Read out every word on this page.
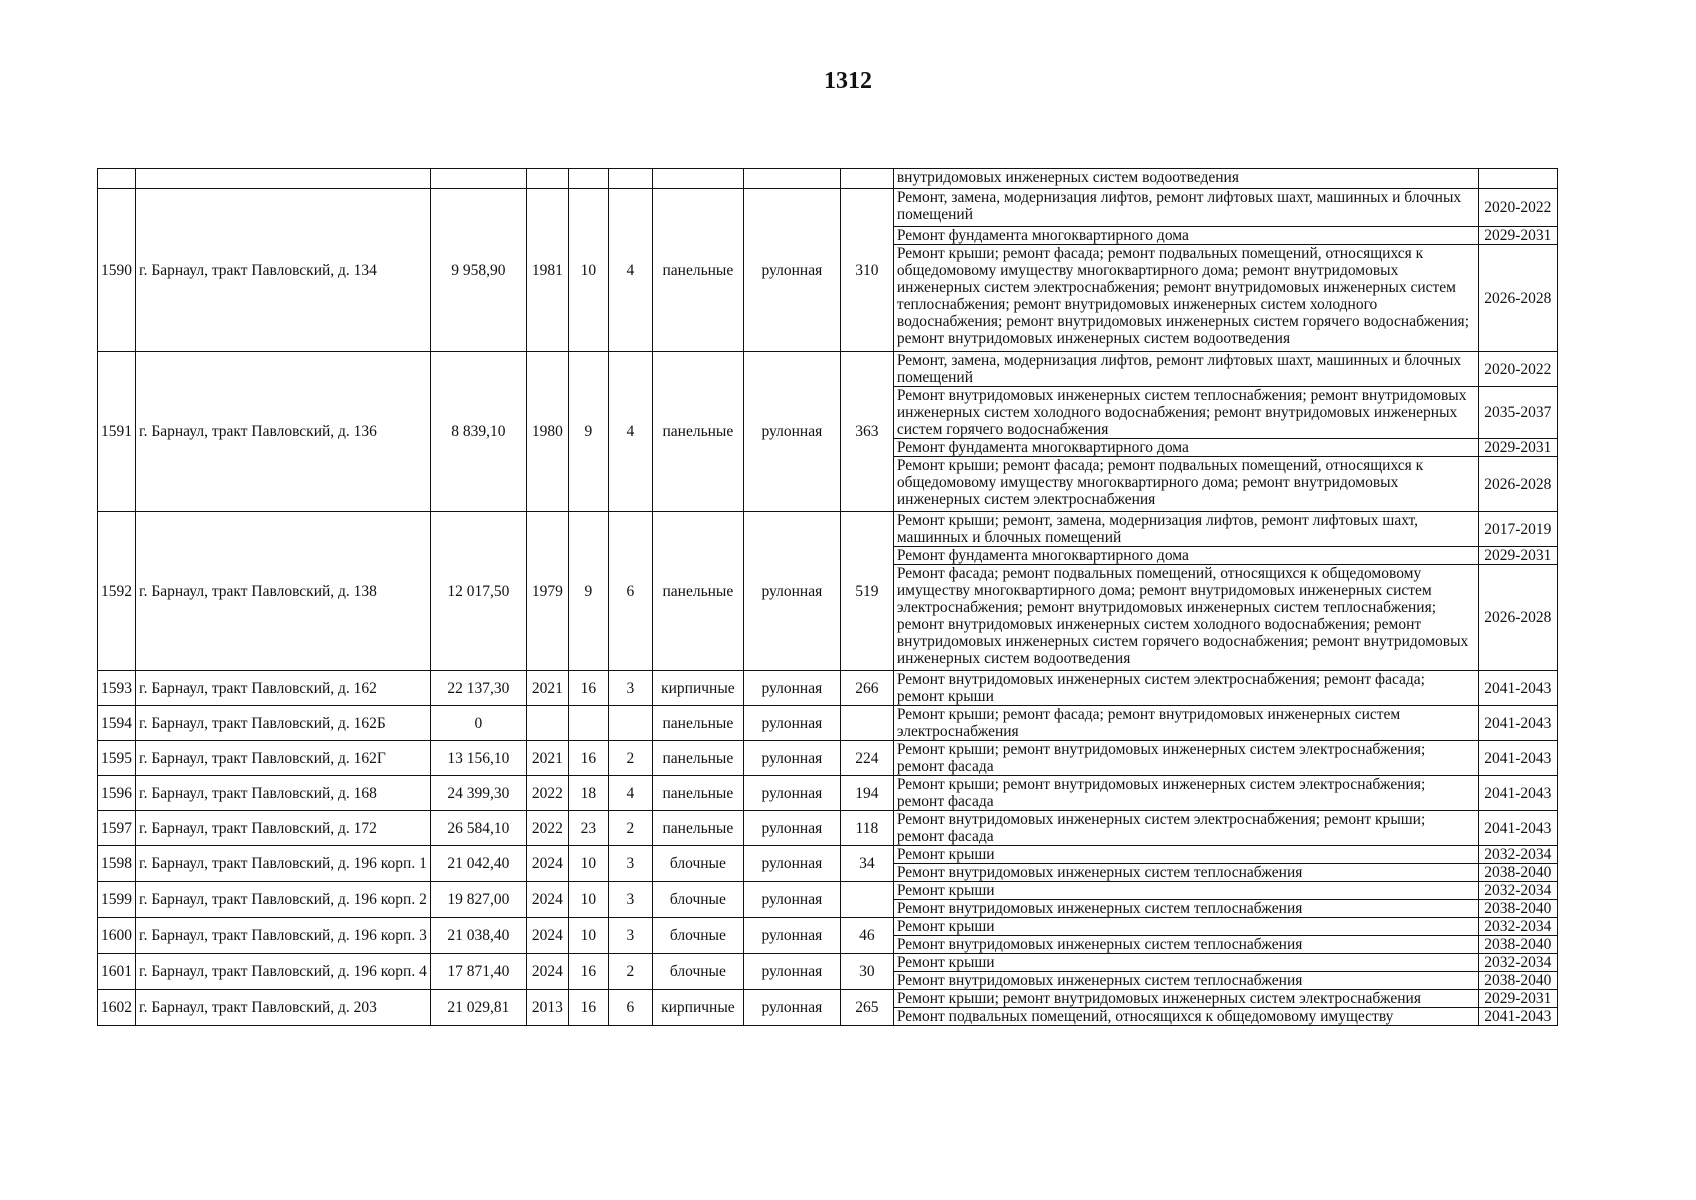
1312
									внутридомовых инженерных систем водоотведения	
1590	г. Барнаул, тракт Павловский, д. 134	9 958,90	1981	10	4	панельные	рулонная	310	Ремонт, замена, модернизация лифтов, ремонт лифтовых шахт, машинных и блочных помещений	2020-2022
									Ремонт фундамента многоквартирного дома	2029-2031
									Ремонт крыши; ремонт фасада; ремонт подвальных помещений, относящихся к общедомовому имуществу многоквартирного дома; ремонт внутридомовых инженерных систем электроснабжения; ремонт внутридомовых инженерных систем теплоснабжения; ремонт внутридомовых инженерных систем холодного водоснабжения; ремонт внутридомовых инженерных систем горячего водоснабжения; ремонт внутридомовых инженерных систем водоотведения	2026-2028
1591	г. Барнаул, тракт Павловский, д. 136	8 839,10	1980	9	4	панельные	рулонная	363	Ремонт, замена, модернизация лифтов, ремонт лифтовых шахт, машинных и блочных помещений	2020-2022
									Ремонт внутридомовых инженерных систем теплоснабжения; ремонт внутридомовых инженерных систем холодного водоснабжения; ремонт внутридомовых инженерных систем горячего водоснабжения	2035-2037
									Ремонт фундамента многоквартирного дома	2029-2031
									Ремонт крыши; ремонт фасада; ремонт подвальных помещений, относящихся к общедомовому имуществу многоквартирного дома; ремонт внутридомовых инженерных систем электроснабжения	2026-2028
1592	г. Барнаул, тракт Павловский, д. 138	12 017,50	1979	9	6	панельные	рулонная	519	Ремонт крыши; ремонт, замена, модернизация лифтов, ремонт лифтовых шахт, машинных и блочных помещений	2017-2019
									Ремонт фундамента многоквартирного дома	2029-2031
									Ремонт фасада; ремонт подвальных помещений, относящихся к общедомовому имуществу многоквартирного дома; ремонт внутридомовых инженерных систем электроснабжения; ремонт внутридомовых инженерных систем теплоснабжения; ремонт внутридомовых инженерных систем холодного водоснабжения; ремонт внутридомовых инженерных систем горячего водоснабжения; ремонт внутридомовых инженерных систем водоотведения	2026-2028
1593	г. Барнаул, тракт Павловский, д. 162	22 137,30	2021	16	3	кирпичные	рулонная	266	Ремонт внутридомовых инженерных систем электроснабжения; ремонт фасада; ремонт крыши	2041-2043
1594	г. Барнаул, тракт Павловский, д. 162Б	0				панельные	рулонная		Ремонт крыши; ремонт фасада; ремонт внутридомовых инженерных систем электроснабжения	2041-2043
1595	г. Барнаул, тракт Павловский, д. 162Г	13 156,10	2021	16	2	панельные	рулонная	224	Ремонт крыши; ремонт внутридомовых инженерных систем электроснабжения; ремонт фасада	2041-2043
1596	г. Барнаул, тракт Павловский, д. 168	24 399,30	2022	18	4	панельные	рулонная	194	Ремонт крыши; ремонт внутридомовых инженерных систем электроснабжения; ремонт фасада	2041-2043
1597	г. Барнаул, тракт Павловский, д. 172	26 584,10	2022	23	2	панельные	рулонная	118	Ремонт внутридомовых инженерных систем электроснабжения; ремонт крыши; ремонт фасада	2041-2043
1598	г. Барнаул, тракт Павловский, д. 196 корп. 1	21 042,40	2024	10	3	блочные	рулонная	34	Ремонт крыши	2032-2034
									Ремонт внутридомовых инженерных систем теплоснабжения	2038-2040
1599	г. Барнаул, тракт Павловский, д. 196 корп. 2	19 827,00	2024	10	3	блочные	рулонная		Ремонт крыши	2032-2034
									Ремонт внутридомовых инженерных систем теплоснабжения	2038-2040
1600	г. Барнаул, тракт Павловский, д. 196 корп. 3	21 038,40	2024	10	3	блочные	рулонная	46	Ремонт крыши	2032-2034
									Ремонт внутридомовых инженерных систем теплоснабжения	2038-2040
1601	г. Барнаул, тракт Павловский, д. 196 корп. 4	17 871,40	2024	16	2	блочные	рулонная	30	Ремонт крыши	2032-2034
									Ремонт внутридомовых инженерных систем теплоснабжения	2038-2040
1602	г. Барнаул, тракт Павловский, д. 203	21 029,81	2013	16	6	кирпичные	рулонная	265	Ремонт крыши; ремонт внутридомовых инженерных систем электроснабжения	2029-2031
									Ремонт подвальных помещений, относящихся к общедомовому имуществу	2041-2043
